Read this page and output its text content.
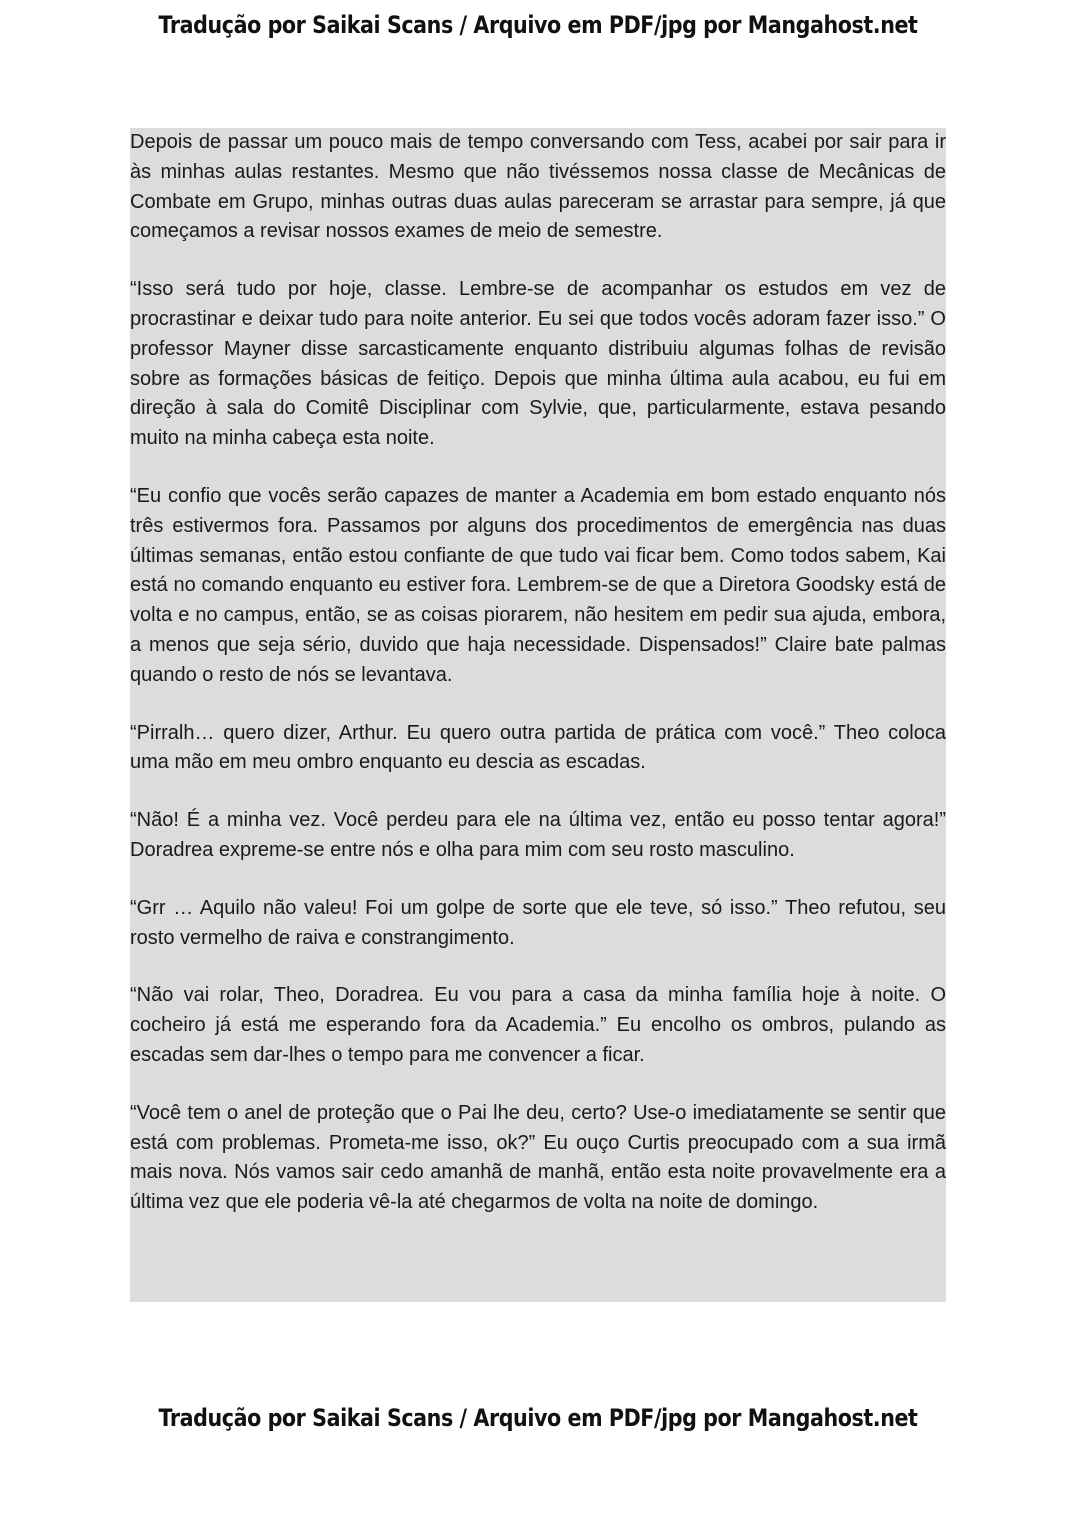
Tradução por Saikai Scans / Arquivo em PDF/jpg por Mangahost.net

Depois de passar um pouco mais de tempo conversando com Tess, acabei por sair para ir às minhas aulas restantes. Mesmo que não tivéssemos nossa classe de Mecânicas de Combate em Grupo, minhas outras duas aulas pareceram se arrastar para sempre, já que começamos a revisar nossos exames de meio de semestre.

“Isso será tudo por hoje, classe. Lembre-se de acompanhar os estudos em vez de procrastinar e deixar tudo para noite anterior. Eu sei que todos vocês adoram fazer isso.” O professor Mayner disse sarcasticamente enquanto distribuiu algumas folhas de revisão sobre as formações básicas de feitiço. Depois que minha última aula acabou, eu fui em direção à sala do Comitê Disciplinar com Sylvie, que, particularmente, estava pesando muito na minha cabeça esta noite.

“Eu confio que vocês serão capazes de manter a Academia em bom estado enquanto nós três estivermos fora. Passamos por alguns dos procedimentos de emergência nas duas últimas semanas, então estou confiante de que tudo vai ficar bem. Como todos sabem, Kai está no comando enquanto eu estiver fora. Lembrem-se de que a Diretora Goodsky está de volta e no campus, então, se as coisas piorarem, não hesitem em pedir sua ajuda, embora, a menos que seja sério, duvido que haja necessidade. Dispensados!” Claire bate palmas quando o resto de nós se levantava.

“Pirralh… quero dizer, Arthur. Eu quero outra partida de prática com você.” Theo coloca uma mão em meu ombro enquanto eu descia as escadas.

“Não! É a minha vez. Você perdeu para ele na última vez, então eu posso tentar agora!” Doradrea expreme-se entre nós e olha para mim com seu rosto masculino.

“Grr … Aquilo não valeu! Foi um golpe de sorte que ele teve, só isso.” Theo refutou, seu rosto vermelho de raiva e constrangimento.

“Não vai rolar, Theo, Doradrea. Eu vou para a casa da minha família hoje à noite. O cocheiro já está me esperando fora da Academia.” Eu encolho os ombros, pulando as escadas sem dar-lhes o tempo para me convencer a ficar.

“Você tem o anel de proteção que o Pai lhe deu, certo? Use-o imediatamente se sentir que está com problemas. Prometa-me isso, ok?” Eu ouço Curtis preocupado com a sua irmã mais nova. Nós vamos sair cedo amanhã de manhã, então esta noite provavelmente era a última vez que ele poderia vê-la até chegarmos de volta na noite de domingo.

Tradução por Saikai Scans / Arquivo em PDF/jpg por Mangahost.net
